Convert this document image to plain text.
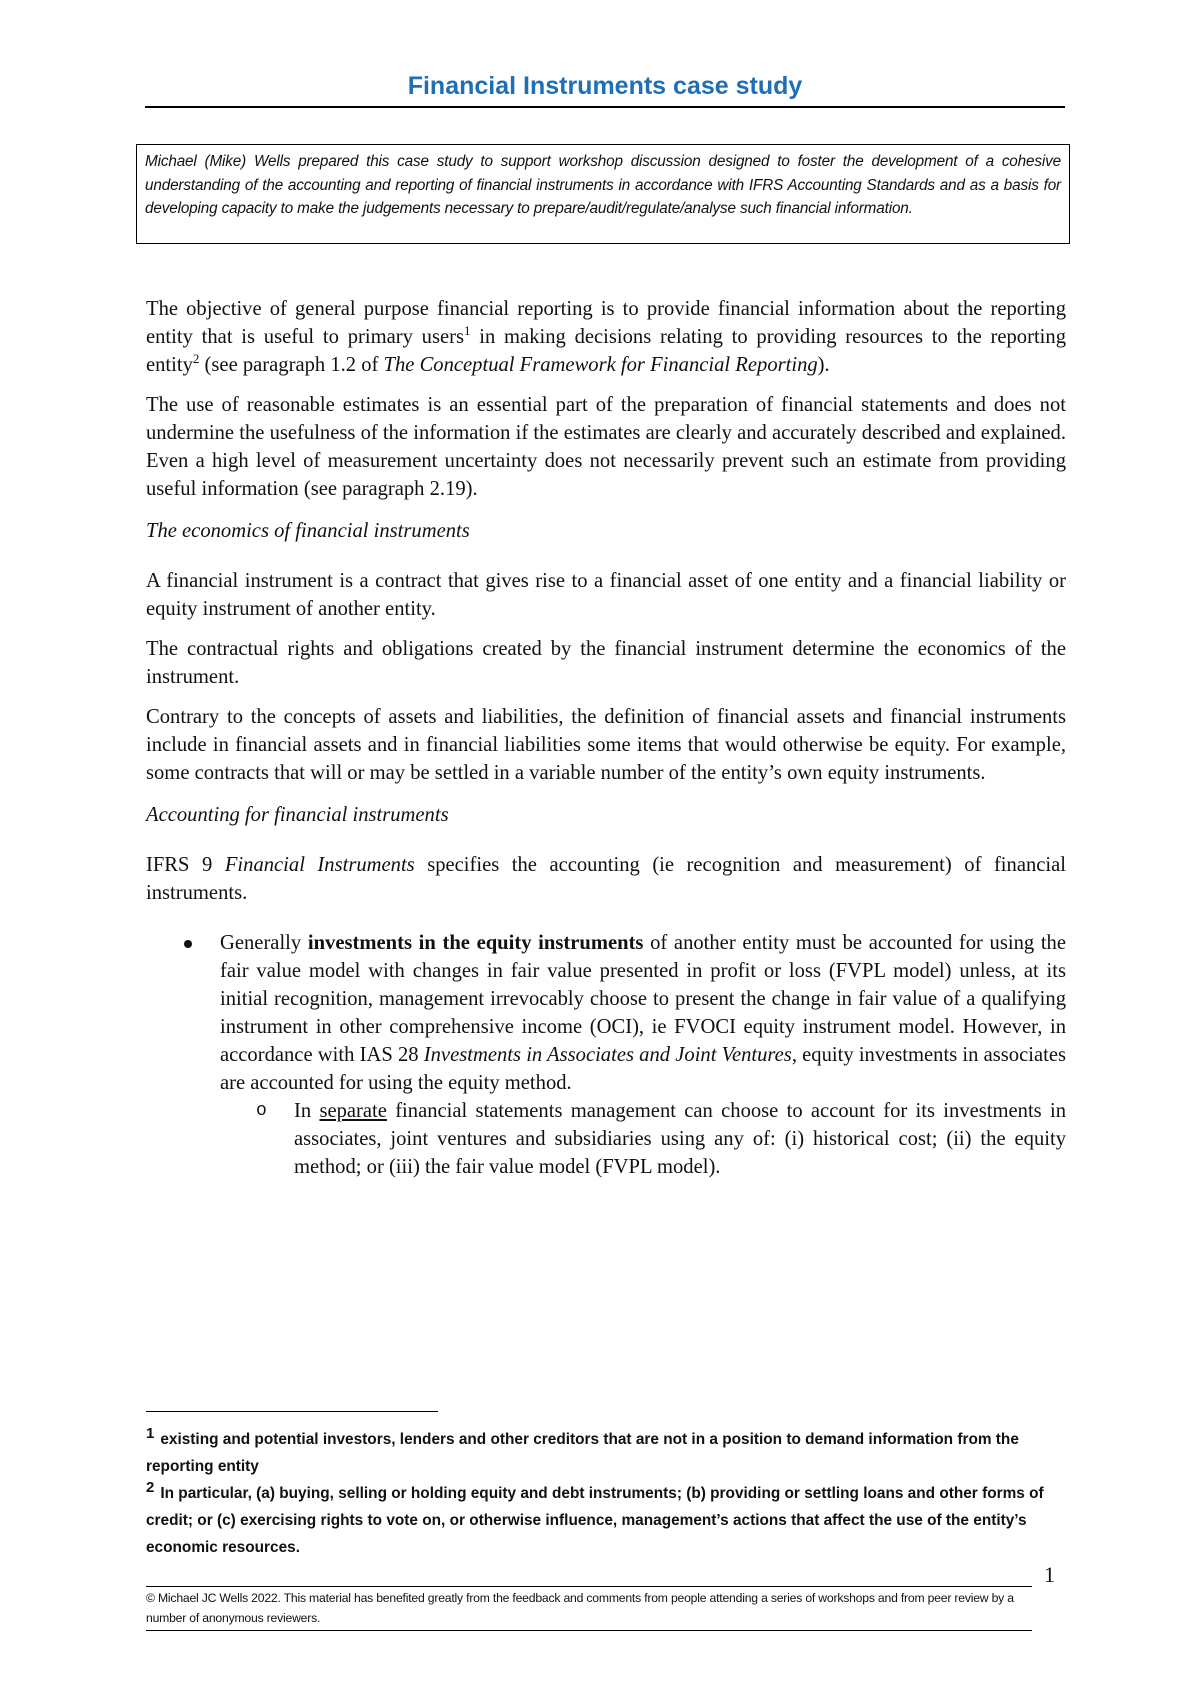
Financial Instruments case study
Michael (Mike) Wells prepared this case study to support workshop discussion designed to foster the development of a cohesive understanding of the accounting and reporting of financial instruments in accordance with IFRS Accounting Standards and as a basis for developing capacity to make the judgements necessary to prepare/audit/regulate/analyse such financial information.

The objective of general purpose financial reporting is to provide financial information about the reporting entity that is useful to primary users$^1$ in making decisions relating to providing resources to the reporting entity$^2$ (see paragraph 1.2 of The Conceptual Framework for Financial Reporting).

The use of reasonable estimates is an essential part of the preparation of financial statements and does not undermine the usefulness of the information if the estimates are clearly and accurately described and explained. Even a high level of measurement uncertainty does not necessarily prevent such an estimate from providing useful information (see paragraph 2.19).

The economics of financial instruments

A financial instrument is a contract that gives rise to a financial asset of one entity and a financial liability or equity instrument of another entity.

The contractual rights and obligations created by the financial instrument determine the economics of the instrument.

Contrary to the concepts of assets and liabilities, the definition of financial assets and financial instruments include in financial assets and in financial liabilities some items that would otherwise be equity. For example, some contracts that will or may be settled in a variable number of the entity’s own equity instruments.

Accounting for financial instruments

IFRS 9 Financial Instruments specifies the accounting (ie recognition and measurement) of financial instruments.

Generally investments in the equity instruments of another entity must be accounted for using the fair value model with changes in fair value presented in profit or loss (FVPL model) unless, at its initial recognition, management irrevocably choose to present the change in fair value of a qualifying instrument in other comprehensive income (OCI), ie FVOCI equity instrument model. However, in accordance with IAS 28 Investments in Associates and Joint Ventures, equity investments in associates are accounted for using the equity method.
o In separate financial statements management can choose to account for its investments in associates, joint ventures and subsidiaries using any of: (i) historical cost; (ii) the equity method; or (iii) the fair value model (FVPL model).

$^1$ existing and potential investors, lenders and other creditors that are not in a position to demand information from the reporting entity

$^2$ In particular, (a) buying, selling or holding equity and debt instruments; (b) providing or settling loans and other forms of credit; or (c) exercising rights to vote on, or otherwise influence, management’s actions that affect the use of the entity’s economic resources.

1
© Michael JC Wells 2022. This material has benefited greatly from the feedback and comments from people attending a series of workshops and from peer review by a number of anonymous reviewers.
